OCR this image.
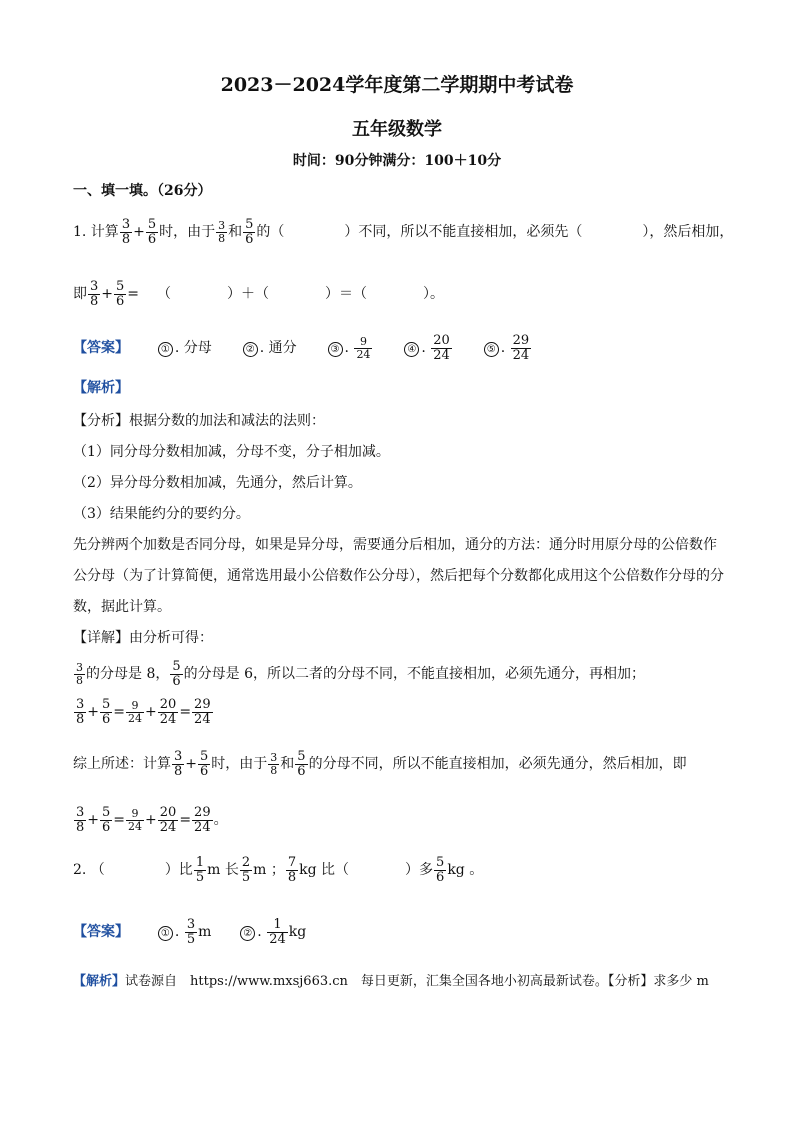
2023－2024学年度第二学期期中考试卷
五年级数学
时间：90分钟满分：100＋10分
一、填一填。（26分）
1. 计算 $\frac{3}{8} + \frac{5}{6}$ 时，由于 $\frac{3}{8}$ 和 $\frac{5}{6}$ 的（	）不同，所以不能直接相加，必须先（	），然后相加，
即 $\frac{3}{8} + \frac{5}{6}$ = （	）＋（	）＝（	）。
【答案】	① . 分母	② . 通分	③ . $\frac{9}{24}$	④ . $\frac{20}{24}$	⑤ . $\frac{29}{24}$
【解析】
【分析】根据分数的加法和减法的法则：
（1）同分母分数相加减，分母不变，分子相加减。
（2）异分母分数相加减，先通分，然后计算。
（3）结果能约分的要约分。
先分辨两个加数是否同分母，如果是异分母，需要通分后相加，通分的方法：通分时用原分母的公倍数作
公分母（为了计算简便，通常选用最小公倍数作公分母），然后把每个分数都化成用这个公倍数作分母的分
数，据此计算。
【详解】由分析可得：
$\frac{3}{8}$ 的分母是 8， $\frac{5}{6}$ 的分母是 6，所以二者的分母不同，不能直接相加，必须先通分，再相加；
$\frac{3}{8} + \frac{5}{6} = \frac{9}{24} + \frac{20}{24} = \frac{29}{24}$
综上所述：计算 $\frac{3}{8} + \frac{5}{6}$ 时，由于 $\frac{3}{8}$ 和 $\frac{5}{6}$ 的分母不同，所以不能直接相加，必须先通分，然后相加，即
$\frac{3}{8} + \frac{5}{6} = \frac{9}{24} + \frac{20}{24} = \frac{29}{24}$ 。
2. （	）比 $\frac{1}{5}$ m 长 $\frac{2}{5}$ m ； $\frac{7}{8}$ kg 比（	）多 $\frac{5}{6}$ kg 。
【答案】	① . $\frac{3}{5}$ m	② . $\frac{1}{24}$ kg
【解析】试卷源自　https://www.mxsj663.cn　每日更新，汇集全国各地小初高最新试卷。【分析】求多少 m
